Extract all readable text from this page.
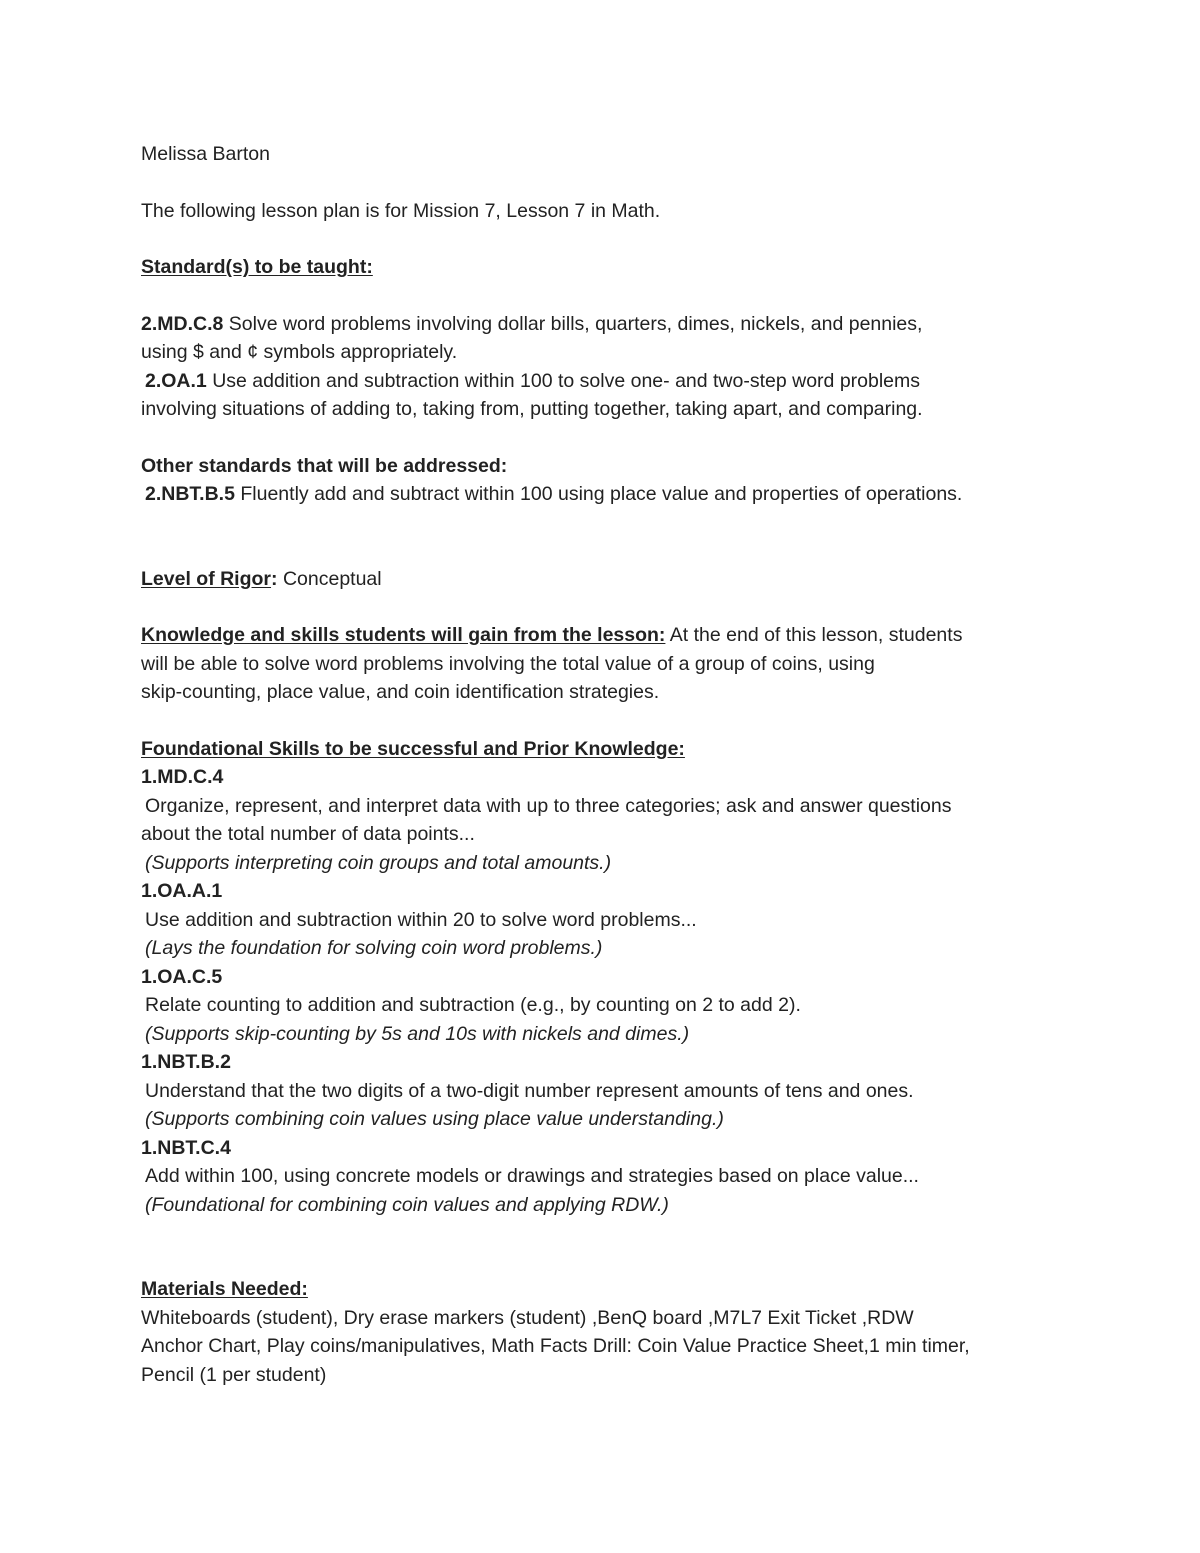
Melissa Barton

The following lesson plan is for Mission 7, Lesson 7 in Math.

Standard(s) to be taught:

2.MD.C.8 Solve word problems involving dollar bills, quarters, dimes, nickels, and pennies,

using $ and ¢ symbols appropriately.

2.OA.1 Use addition and subtraction within 100 to solve one- and two-step word problems

involving situations of adding to, taking from, putting together, taking apart, and comparing.

Other standards that will be addressed:

2.NBT.B.5 Fluently add and subtract within 100 using place value and properties of operations.

Level of Rigor: Conceptual

Knowledge and skills students will gain from the lesson: At the end of this lesson, students

will be able to solve word problems involving the total value of a group of coins, using

skip-counting, place value, and coin identification strategies.

Foundational Skills to be successful and Prior Knowledge:

1.MD.C.4

Organize, represent, and interpret data with up to three categories; ask and answer questions

about the total number of data points...

(Supports interpreting coin groups and total amounts.)

1.OA.A.1

Use addition and subtraction within 20 to solve word problems...

(Lays the foundation for solving coin word problems.)

1.OA.C.5

Relate counting to addition and subtraction (e.g., by counting on 2 to add 2).

(Supports skip-counting by 5s and 10s with nickels and dimes.)

1.NBT.B.2

Understand that the two digits of a two-digit number represent amounts of tens and ones.

(Supports combining coin values using place value understanding.)

1.NBT.C.4

Add within 100, using concrete models or drawings and strategies based on place value...

(Foundational for combining coin values and applying RDW.)

Materials Needed:

Whiteboards (student), Dry erase markers (student) ,BenQ board ,M7L7 Exit Ticket ,RDW

Anchor Chart, Play coins/manipulatives, Math Facts Drill: Coin Value Practice Sheet,1 min timer,

Pencil (1 per student)
